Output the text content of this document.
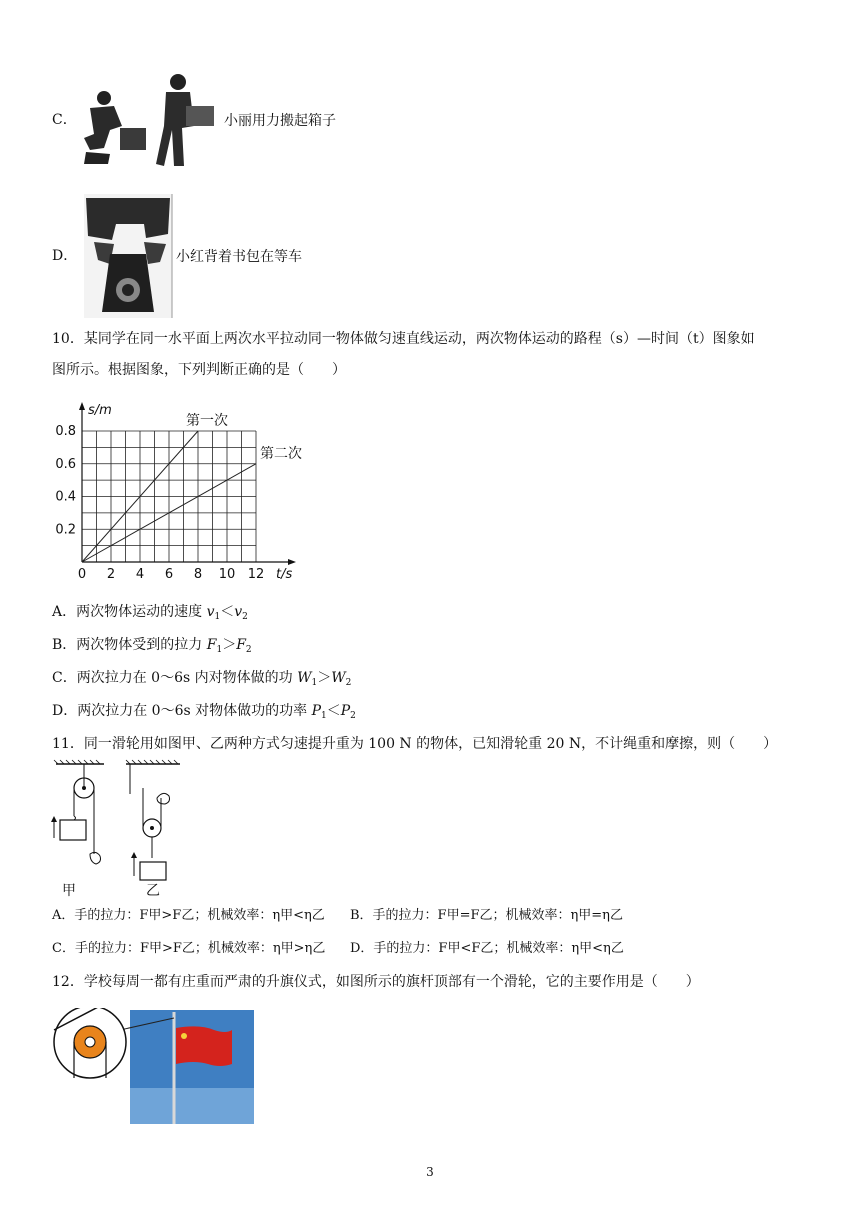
C．	小丽用力搬起箱子
D．	小红背着书包在等车
10．某同学在同一水平面上两次水平拉动同一物体做匀速直线运动，两次物体运动的路程（s）—时间（t）图象如
图所示。根据图象，下列判断正确的是（　　）
0 2 4 6 8 10 12
0.2
0.4
0.6
0.8
t/s
s/m
第一次
第二次
A．两次物体运动的速度 $v_1<v_2$
B．两次物体受到的拉力 $F_1>F_2$
C．两次拉力在 0～6s 内对物体做的功 $W_1>W_2$
D．两次拉力在 0～6s 对物体做功的功率 $P_1<P_2$
11．同一滑轮用如图甲、乙两种方式匀速提升重为 100 N 的物体，已知滑轮重 20 N，不计绳重和摩擦，则（　　）
甲	乙
A．手的拉力：F甲>F乙；机械效率：η甲<η乙 B．手的拉力：F甲=F乙；机械效率：η甲=η乙
C．手的拉力：F甲>F乙；机械效率：η甲>η乙 D．手的拉力：F甲<F乙；机械效率：η甲<η乙
12．学校每周一都有庄重而严肃的升旗仪式，如图所示的旗杆顶部有一个滑轮，它的主要作用是（　　）
3
